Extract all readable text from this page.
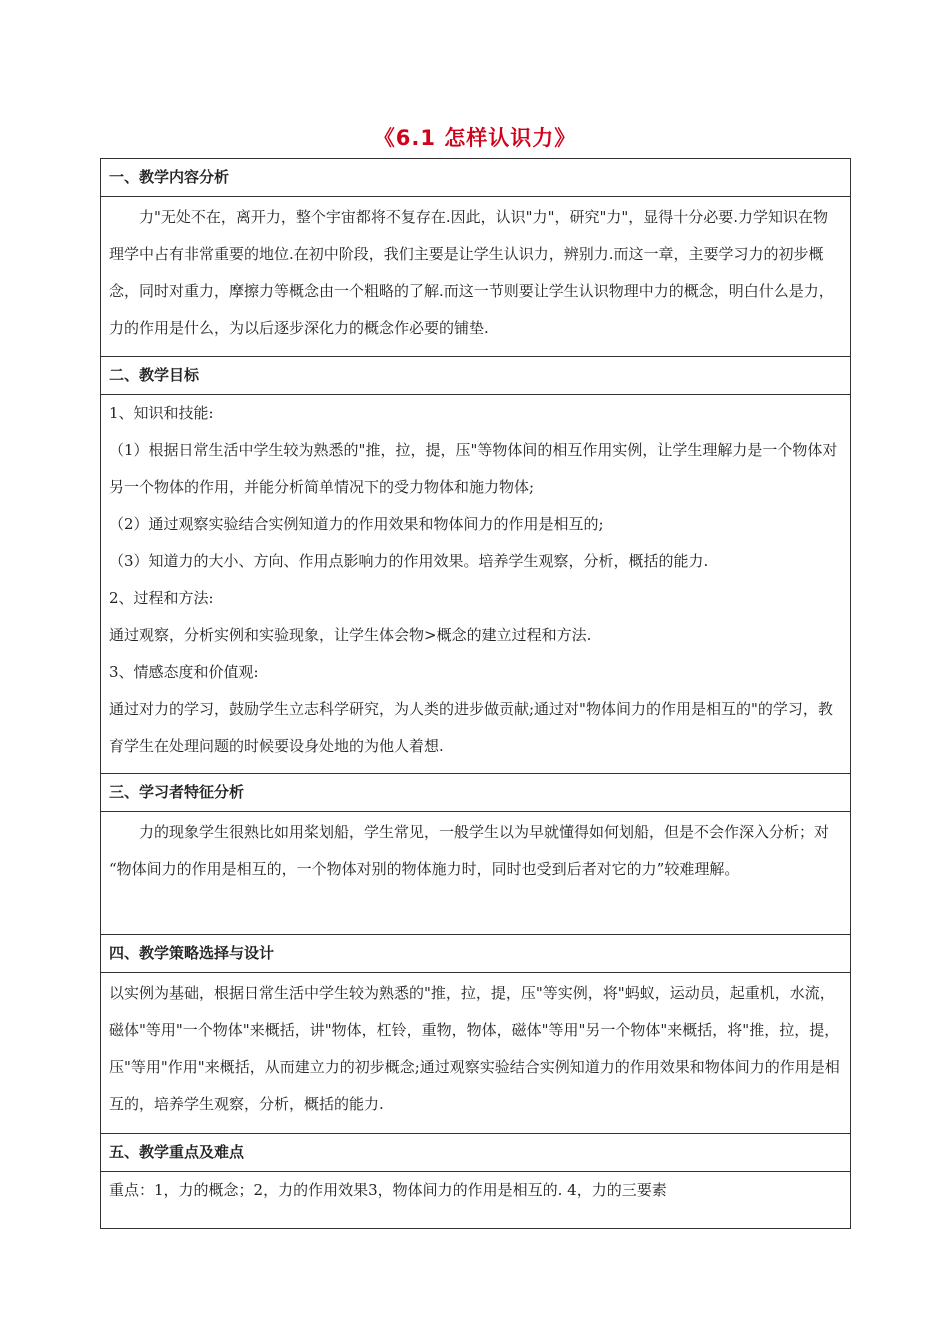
《6.1 怎样认识力》
一、教学内容分析

力"无处不在，离开力，整个宇宙都将不复存在.因此，认识"力"，研究"力"，显得十分必要.力学知识在物理学中占有非常重要的地位.在初中阶段，我们主要是让学生认识力，辨别力.而这一章，主要学习力的初步概念，同时对重力，摩擦力等概念由一个粗略的了解.而这一节则要让学生认识物理中力的概念，明白什么是力，力的作用是什么，为以后逐步深化力的概念作必要的铺垫.

二、教学目标

1、知识和技能:

（1）根据日常生活中学生较为熟悉的"推，拉，提，压"等物体间的相互作用实例，让学生理解力是一个物体对另一个物体的作用，并能分析简单情况下的受力物体和施力物体;

（2）通过观察实验结合实例知道力的作用效果和物体间力的作用是相互的;

（3）知道力的大小、方向、作用点影响力的作用效果。培养学生观察，分析，概括的能力.

2、过程和方法:

通过观察，分析实例和实验现象，让学生体会物>概念的建立过程和方法.

3、情感态度和价值观:

通过对力的学习，鼓励学生立志科学研究，为人类的进步做贡献;通过对"物体间力的作用是相互的"的学习，教育学生在处理问题的时候要设身处地的为他人着想.

三、学习者特征分析

力的现象学生很熟比如用桨划船，学生常见，一般学生以为早就懂得如何划船，但是不会作深入分析；对 “物体间力的作用是相互的，一个物体对别的物体施力时，同时也受到后者对它的力”较难理解。

四、教学策略选择与设计

以实例为基础，根据日常生活中学生较为熟悉的"推，拉，提，压"等实例，将"蚂蚁，运动员，起重机，水流，磁体"等用"一个物体"来概括，讲"物体，杠铃，重物，物体，磁体"等用"另一个物体"来概括，将"推，拉，提，压"等用"作用"来概括，从而建立力的初步概念;通过观察实验结合实例知道力的作用效果和物体间力的作用是相互的，培养学生观察，分析，概括的能力.

五、教学重点及难点

重点：1，力的概念；2，力的作用效果3，物体间力的作用是相互的. 4，力的三要素
